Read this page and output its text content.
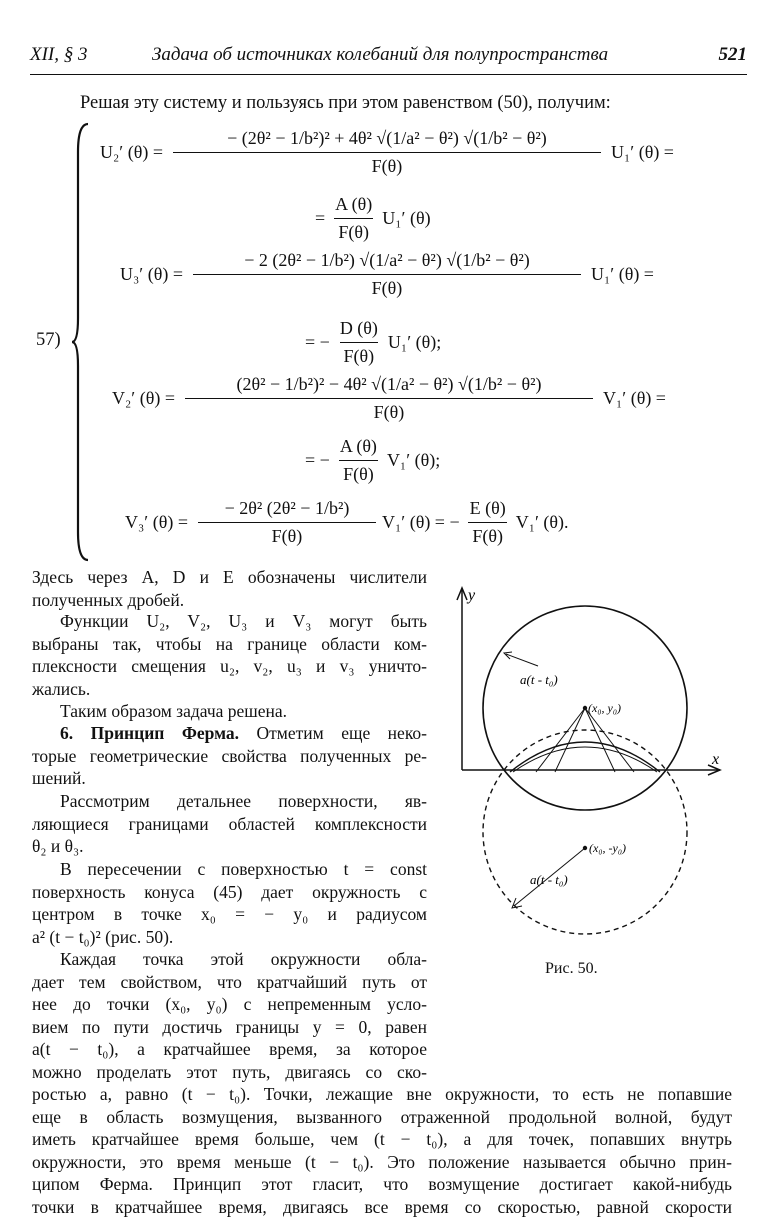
XII, § 3	Задача об источниках колебаний для полупространства	521
Решая эту систему и пользуясь при этом равенством (50), получим:
57)
U₂′ $(\theta) = \frac{\text{− (2θ² − 1/b²)² + 4θ² √(1/a² − θ²) √(1/b² − θ²)}}{F(\theta)} U_1'$ (θ) =
= $\frac{A (\theta)}{F(\theta)} U_1'$ (θ)
U₃′ $(\theta) = \frac{\text{− 2 (2θ² − 1/b²) √(1/a² − θ²) √(1/b² − θ²)}}{F(\theta)} U_1'$ (θ) =
= − $\frac{D (\theta)}{F(\theta)} U_1'$ (θ);
V₂′ $(\theta) = \frac{\text{(2θ² − 1/b²)² − 4θ² √(1/a² − θ²) √(1/b² − θ²)}}{F(\theta)} V_1'$ (θ) =
= − $\frac{A (\theta)}{F(\theta)} V_1'$ (θ);
V₃′ $(\theta) = \frac{\text{− 2θ² (2θ² − 1/b²)}}{F(\theta)} V_1'$ (θ) = − $\frac{E (\theta)}{F(\theta)} V_1'$ (θ).
Здесь через A, D и E обозначены числители
полученных дробей.
Функции U₂, V₂, U₃ и V₃ могут быть
выбраны так, чтобы на границе области ком-
плексности смещения u₂, v₂, u₃ и v₃ уничто-
жались.
Таким образом задача решена.
6. Принцип Ферма. Отметим еще неко-
торые геометрические свойства полученных ре-
шений.
Рассмотрим детальнее поверхности, яв-
ляющиеся границами областей комплексности
θ₂ и θ₃.
В пересечении с поверхностью t = const
поверхность конуса (45) дает окружность с
центром в точке x₀ = − y₀ и радиусом
a² (t − t₀)² (рис. 50).
Каждая точка этой окружности обла-
дает тем свойством, что кратчайший путь от
нее до точки (x₀, y₀) с непременным усло-
вием по пути достичь границы y = 0, равен
a(t − t₀), а кратчайшее время, за которое
можно проделать этот путь, двигаясь со ско-
ростью a, равно (t − t₀). Точки, лежащие вне окружности, то есть не попавшие
еще в область возмущения, вызванного отраженной продольной волной, будут
иметь кратчайшее время больше, чем (t − t₀), а для точек, попавших внутрь
окружности, это время меньше (t − t₀). Это положение называется обычно прин-
ципом Ферма. Принцип этот гласит, что возмущение достигает какой-нибудь
точки в кратчайшее время, двигаясь все время со скоростью, равной скорости
y
x
a(t - t₀)
(x₀, y₀)
(x₀, -y₀)
a(t - t₀)
Рис. 50.
